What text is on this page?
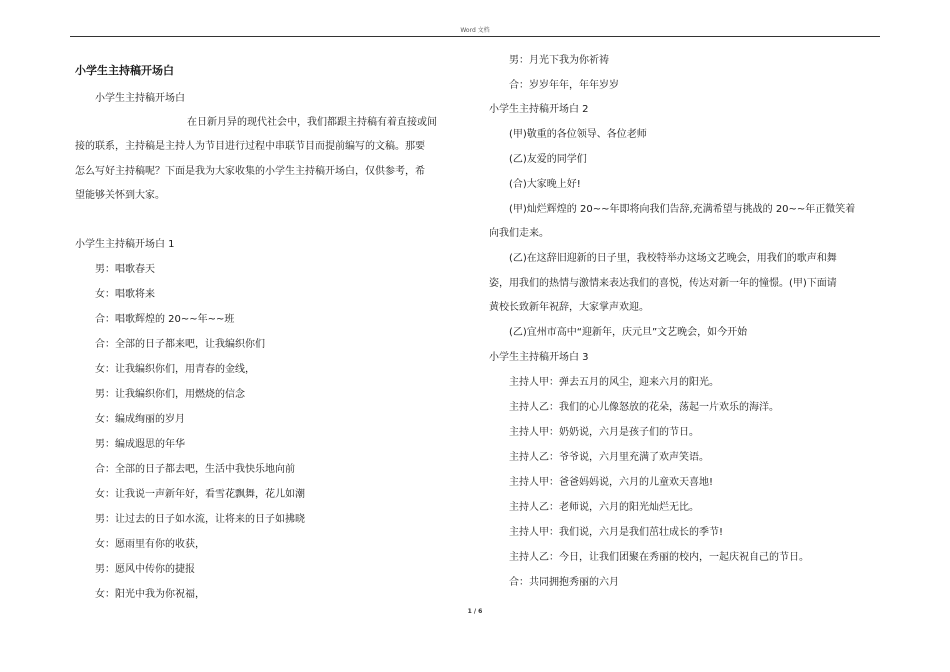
Word 文档
小学生主持稿开场白
小学生主持稿开场白
在日新月异的现代社会中，我们都跟主持稿有着直接或间
接的联系，主持稿是主持人为节目进行过程中串联节目而提前编写的文稿。那要
怎么写好主持稿呢？下面是我为大家收集的小学生主持稿开场白，仅供参考，希
望能够关怀到大家。
小学生主持稿开场白 1
男：唱歌春天
女：唱歌将来
合：唱歌辉煌的 20~~年~~班
合：全部的日子都来吧，让我编织你们
女：让我编织你们，用青春的金线，
男：让我编织你们，用燃烧的信念
女：编成绚丽的岁月
男：编成遐思的年华
合：全部的日子都去吧，生活中我快乐地向前
女：让我说一声新年好，看雪花飘舞，花儿如潮
男：让过去的日子如水流，让将来的日子如拂晓
女：愿雨里有你的收获，
男：愿风中传你的捷报
女：阳光中我为你祝福，
男：月光下我为你祈祷
合：岁岁年年，年年岁岁
小学生主持稿开场白 2
(甲)敬重的各位领导、各位老师
(乙)友爱的同学们
(合)大家晚上好!
(甲)灿烂辉煌的 20~~年即将向我们告辞,充满希望与挑战的 20~~年正微笑着
向我们走来。
(乙)在这辞旧迎新的日子里，我校特举办这场文艺晚会，用我们的歌声和舞
姿，用我们的热情与激情来表达我们的喜悦，传达对新一年的憧憬。(甲)下面请
黄校长致新年祝辞，大家掌声欢迎。
(乙)宜州市高中“迎新年，庆元旦”文艺晚会，如今开始
小学生主持稿开场白 3
主持人甲：弹去五月的风尘，迎来六月的阳光。
主持人乙：我们的心儿像怒放的花朵，荡起一片欢乐的海洋。
主持人甲：奶奶说，六月是孩子们的节日。
主持人乙：爷爷说，六月里充满了欢声笑语。
主持人甲：爸爸妈妈说，六月的儿童欢天喜地!
主持人乙：老师说，六月的阳光灿烂无比。
主持人甲：我们说，六月是我们茁壮成长的季节!
主持人乙：今日，让我们团聚在秀丽的校内，一起庆祝自己的节日。
合：共同拥抱秀丽的六月
1 / 6
